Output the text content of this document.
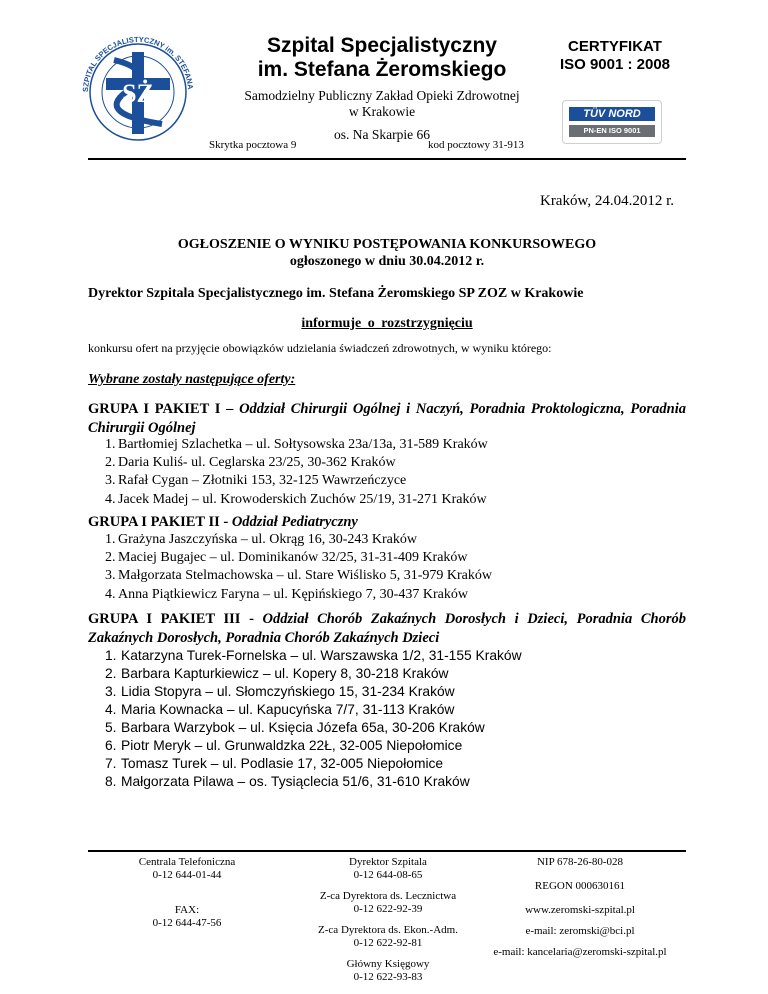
SZPITAL SPECJALISTYCZNY im. STEFANA
SŻ
Szpital Specjalistyczny
im. Stefana Żeromskiego
Samodzielny Publiczny Zakład Opieki Zdrowotnej
w Krakowie
os. Na Skarpie 66
Skrytka pocztowa 9	kod pocztowy 31-913
CERTYFIKAT
ISO 9001 : 2008
TÜV NORD
PN-EN ISO 9001
Kraków, 24.04.2012 r.
OGŁOSZENIE O WYNIKU POSTĘPOWANIA KONKURSOWEGO
ogłoszonego w dniu 30.04.2012 r.
Dyrektor Szpitala Specjalistycznego im. Stefana Żeromskiego SP ZOZ w Krakowie
informuje o rozstrzygnięciu
konkursu ofert na przyjęcie obowiązków udzielania świadczeń zdrowotnych, w wyniku którego:
Wybrane zostały następujące oferty:
GRUPA I PAKIET I – Oddział Chirurgii Ogólnej i Naczyń, Poradnia Proktologiczna, Poradnia Chirurgii Ogólnej
1. Bartłomiej Szlachetka – ul. Sołtysowska 23a/13a, 31-589 Kraków
2. Daria Kuliś- ul. Ceglarska 23/25, 30-362 Kraków
3. Rafał Cygan – Złotniki 153, 32-125 Wawrzeńczyce
4. Jacek Madej – ul. Krowoderskich Zuchów 25/19, 31-271 Kraków
GRUPA I PAKIET II - Oddział Pediatryczny
1. Grażyna Jaszczyńska – ul. Okrąg 16, 30-243 Kraków
2. Maciej Bugajec – ul. Dominikanów 32/25, 31-31-409 Kraków
3. Małgorzata Stelmachowska – ul. Stare Wiślisko 5, 31-979 Kraków
4. Anna Piątkiewicz Faryna – ul. Kępińskiego 7, 30-437 Kraków
GRUPA I PAKIET III - Oddział Chorób Zakaźnych Dorosłych i Dzieci, Poradnia Chorób Zakaźnych Dorosłych, Poradnia Chorób Zakaźnych Dzieci
1. Katarzyna Turek-Fornelska – ul. Warszawska 1/2, 31-155 Kraków
2. Barbara Kapturkiewicz – ul. Kopery 8, 30-218 Kraków
3. Lidia Stopyra – ul. Słomczyńskiego 15, 31-234 Kraków
4. Maria Kownacka – ul. Kapucyńska 7/7, 31-113 Kraków
5. Barbara Warzybok – ul. Księcia Józefa 65a, 30-206 Kraków
6. Piotr Meryk – ul. Grunwaldzka 22Ł, 32-005 Niepołomice
7. Tomasz Turek – ul. Podlasie 17, 32-005 Niepołomice
8. Małgorzata Pilawa – os. Tysiąclecia 51/6, 31-610 Kraków
Centrala Telefoniczna
0-12 644-01-44
FAX:
0-12 644-47-56
Dyrektor Szpitala
0-12 644-08-65
Z-ca Dyrektora ds. Lecznictwa
0-12 622-92-39
Z-ca Dyrektora ds. Ekon.-Adm.
0-12 622-92-81
Główny Księgowy
0-12 622-93-83
NIP 678-26-80-028
REGON 000630161
www.zeromski-szpital.pl
e-mail: zeromski@bci.pl
e-mail: kancelaria@zeromski-szpital.pl
